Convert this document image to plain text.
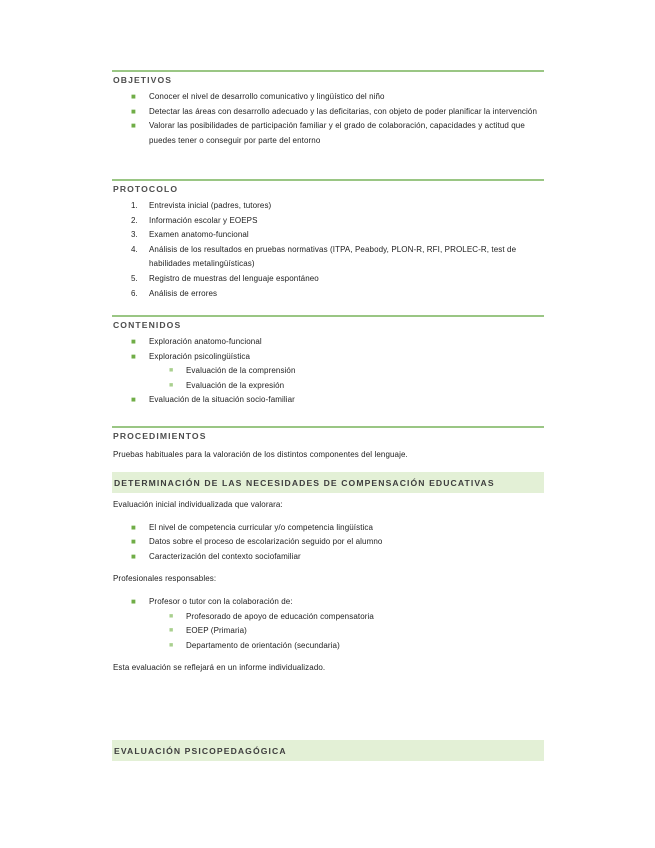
OBJETIVOS
■ Conocer el nivel de desarrollo comunicativo y lingüístico del niño
■ Detectar las áreas con desarrollo adecuado y las deficitarias, con objeto de poder planificar la intervención
■ Valorar las posibilidades de participación familiar y el grado de colaboración, capacidades y actitud que puedes tener o conseguir por parte del entorno
PROTOCOLO
1. Entrevista inicial (padres, tutores)
2. Información escolar y EOEPS
3. Examen anatomo-funcional
4. Análisis de los resultados en pruebas normativas (ITPA, Peabody, PLON-R, RFI, PROLEC-R, test de habilidades metalingüísticas)
5. Registro de muestras del lenguaje espontáneo
6. Análisis de errores
CONTENIDOS
■ Exploración anatomo-funcional
■ Exploración psicolingüística
■ Evaluación de la comprensión
■ Evaluación de la expresión
■ Evaluación de la situación socio-familiar
PROCEDIMIENTOS

Pruebas habituales para la valoración de los distintos componentes del lenguaje.

DETERMINACIÓN DE LAS NECESIDADES DE COMPENSACIÓN EDUCATIVAS

Evaluación inicial individualizada que valorara:

■ El nivel de competencia curricular y/o competencia lingüística
■ Datos sobre el proceso de escolarización seguido por el alumno
■ Caracterización del contexto sociofamiliar

Profesionales responsables:

■ Profesor o tutor con la colaboración de:
■ Profesorado de apoyo de educación compensatoria
■ EOEP (Primaria)
■ Departamento de orientación (secundaria)

Esta evaluación se reflejará en un informe individualizado.

EVALUACIÓN PSICOPEDAGÓGICA
